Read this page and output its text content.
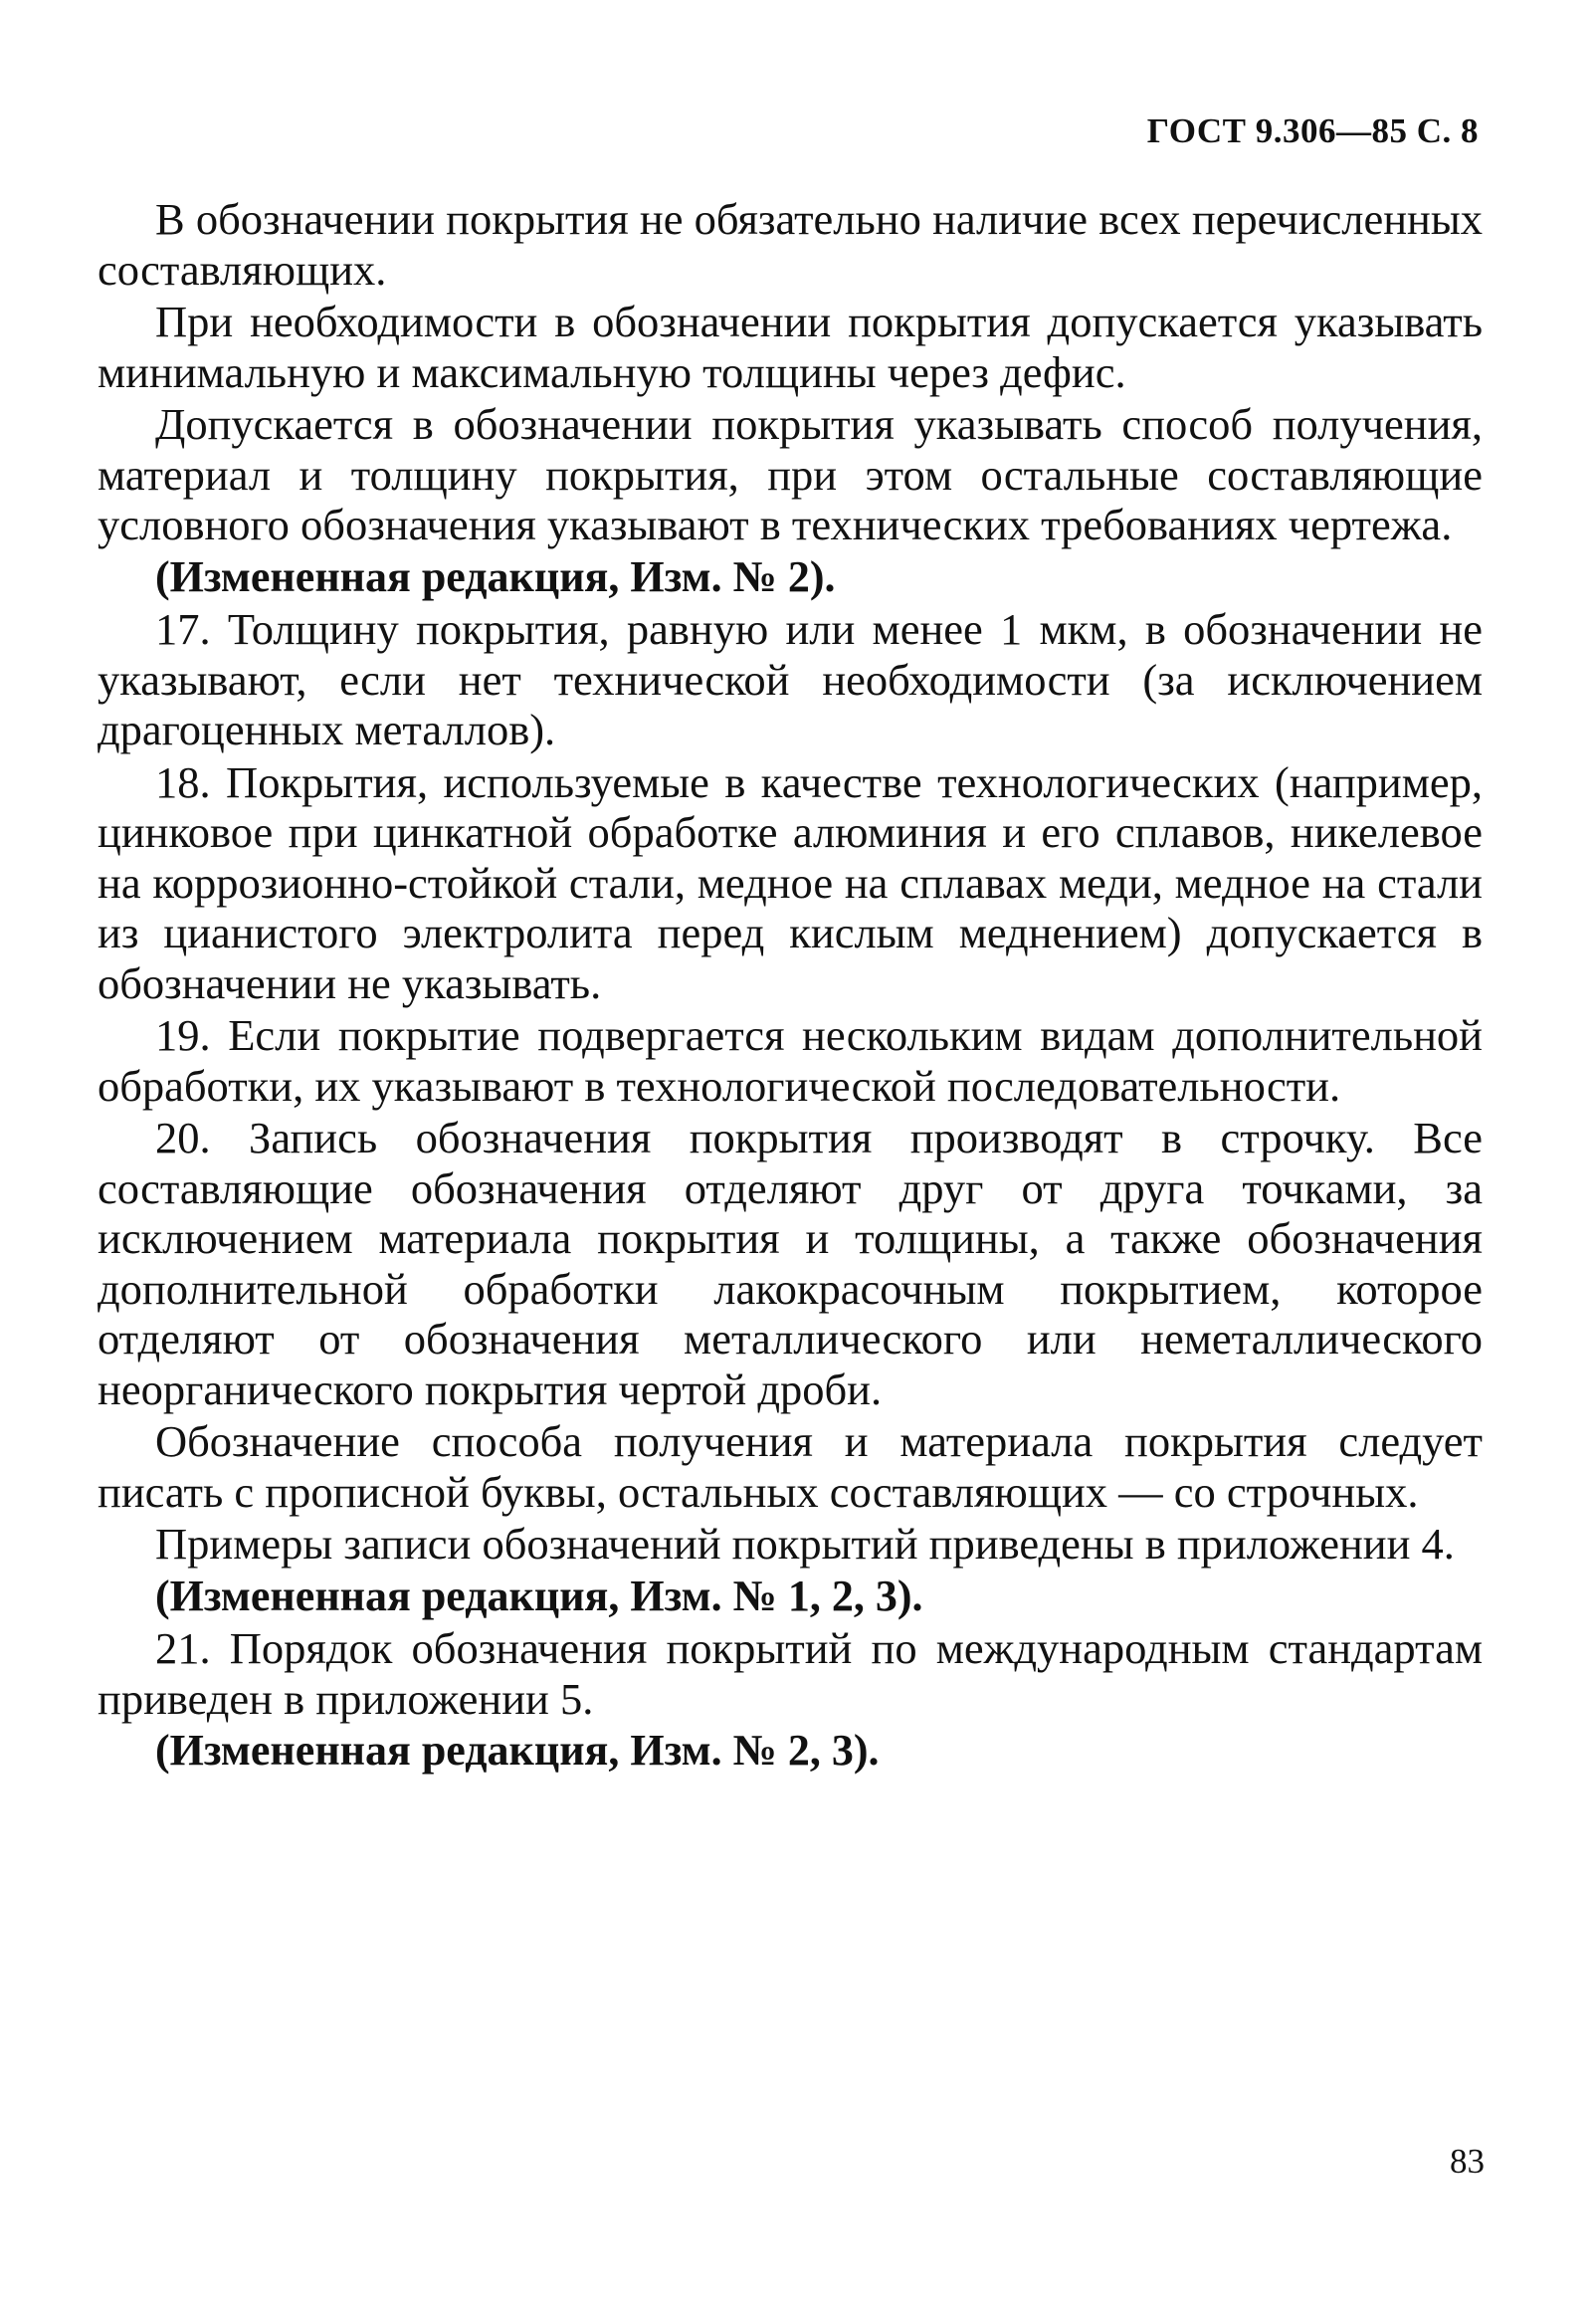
ГОСТ 9.306—85 С. 8

В обозначении покрытия не обязательно наличие всех перечисленных составляющих.

При необходимости в обозначении покрытия допускается указывать минимальную и максимальную толщины через дефис.

Допускается в обозначении покрытия указывать способ получения, материал и толщину покрытия, при этом остальные составляющие условного обозначения указывают в технических требованиях чертежа.

(Измененная редакция, Изм. № 2).

17. Толщину покрытия, равную или менее 1 мкм, в обозначении не указывают, если нет технической необходимости (за исключением драгоценных металлов).

18. Покрытия, используемые в качестве технологических (например, цинковое при цинкатной обработке алюминия и его сплавов, никелевое на коррозионно-стойкой стали, медное на сплавах меди, медное на стали из цианистого электролита перед кислым меднением) допускается в обозначении не указывать.

19. Если покрытие подвергается нескольким видам дополнительной обработки, их указывают в технологической последовательности.

20. Запись обозначения покрытия производят в строчку. Все составляющие обозначения отделяют друг от друга точками, за исключением материала покрытия и толщины, а также обозначения дополнительной обработки лакокрасочным покрытием, которое отделяют от обозначения металлического или неметаллического неорганического покрытия чертой дроби.

Обозначение способа получения и материала покрытия следует писать с прописной буквы, остальных составляющих — со строчных.

Примеры записи обозначений покрытий приведены в приложении 4.

(Измененная редакция, Изм. № 1, 2, 3).

21. Порядок обозначения покрытий по международным стандартам приведен в приложении 5.

(Измененная редакция, Изм. № 2, 3).

83
